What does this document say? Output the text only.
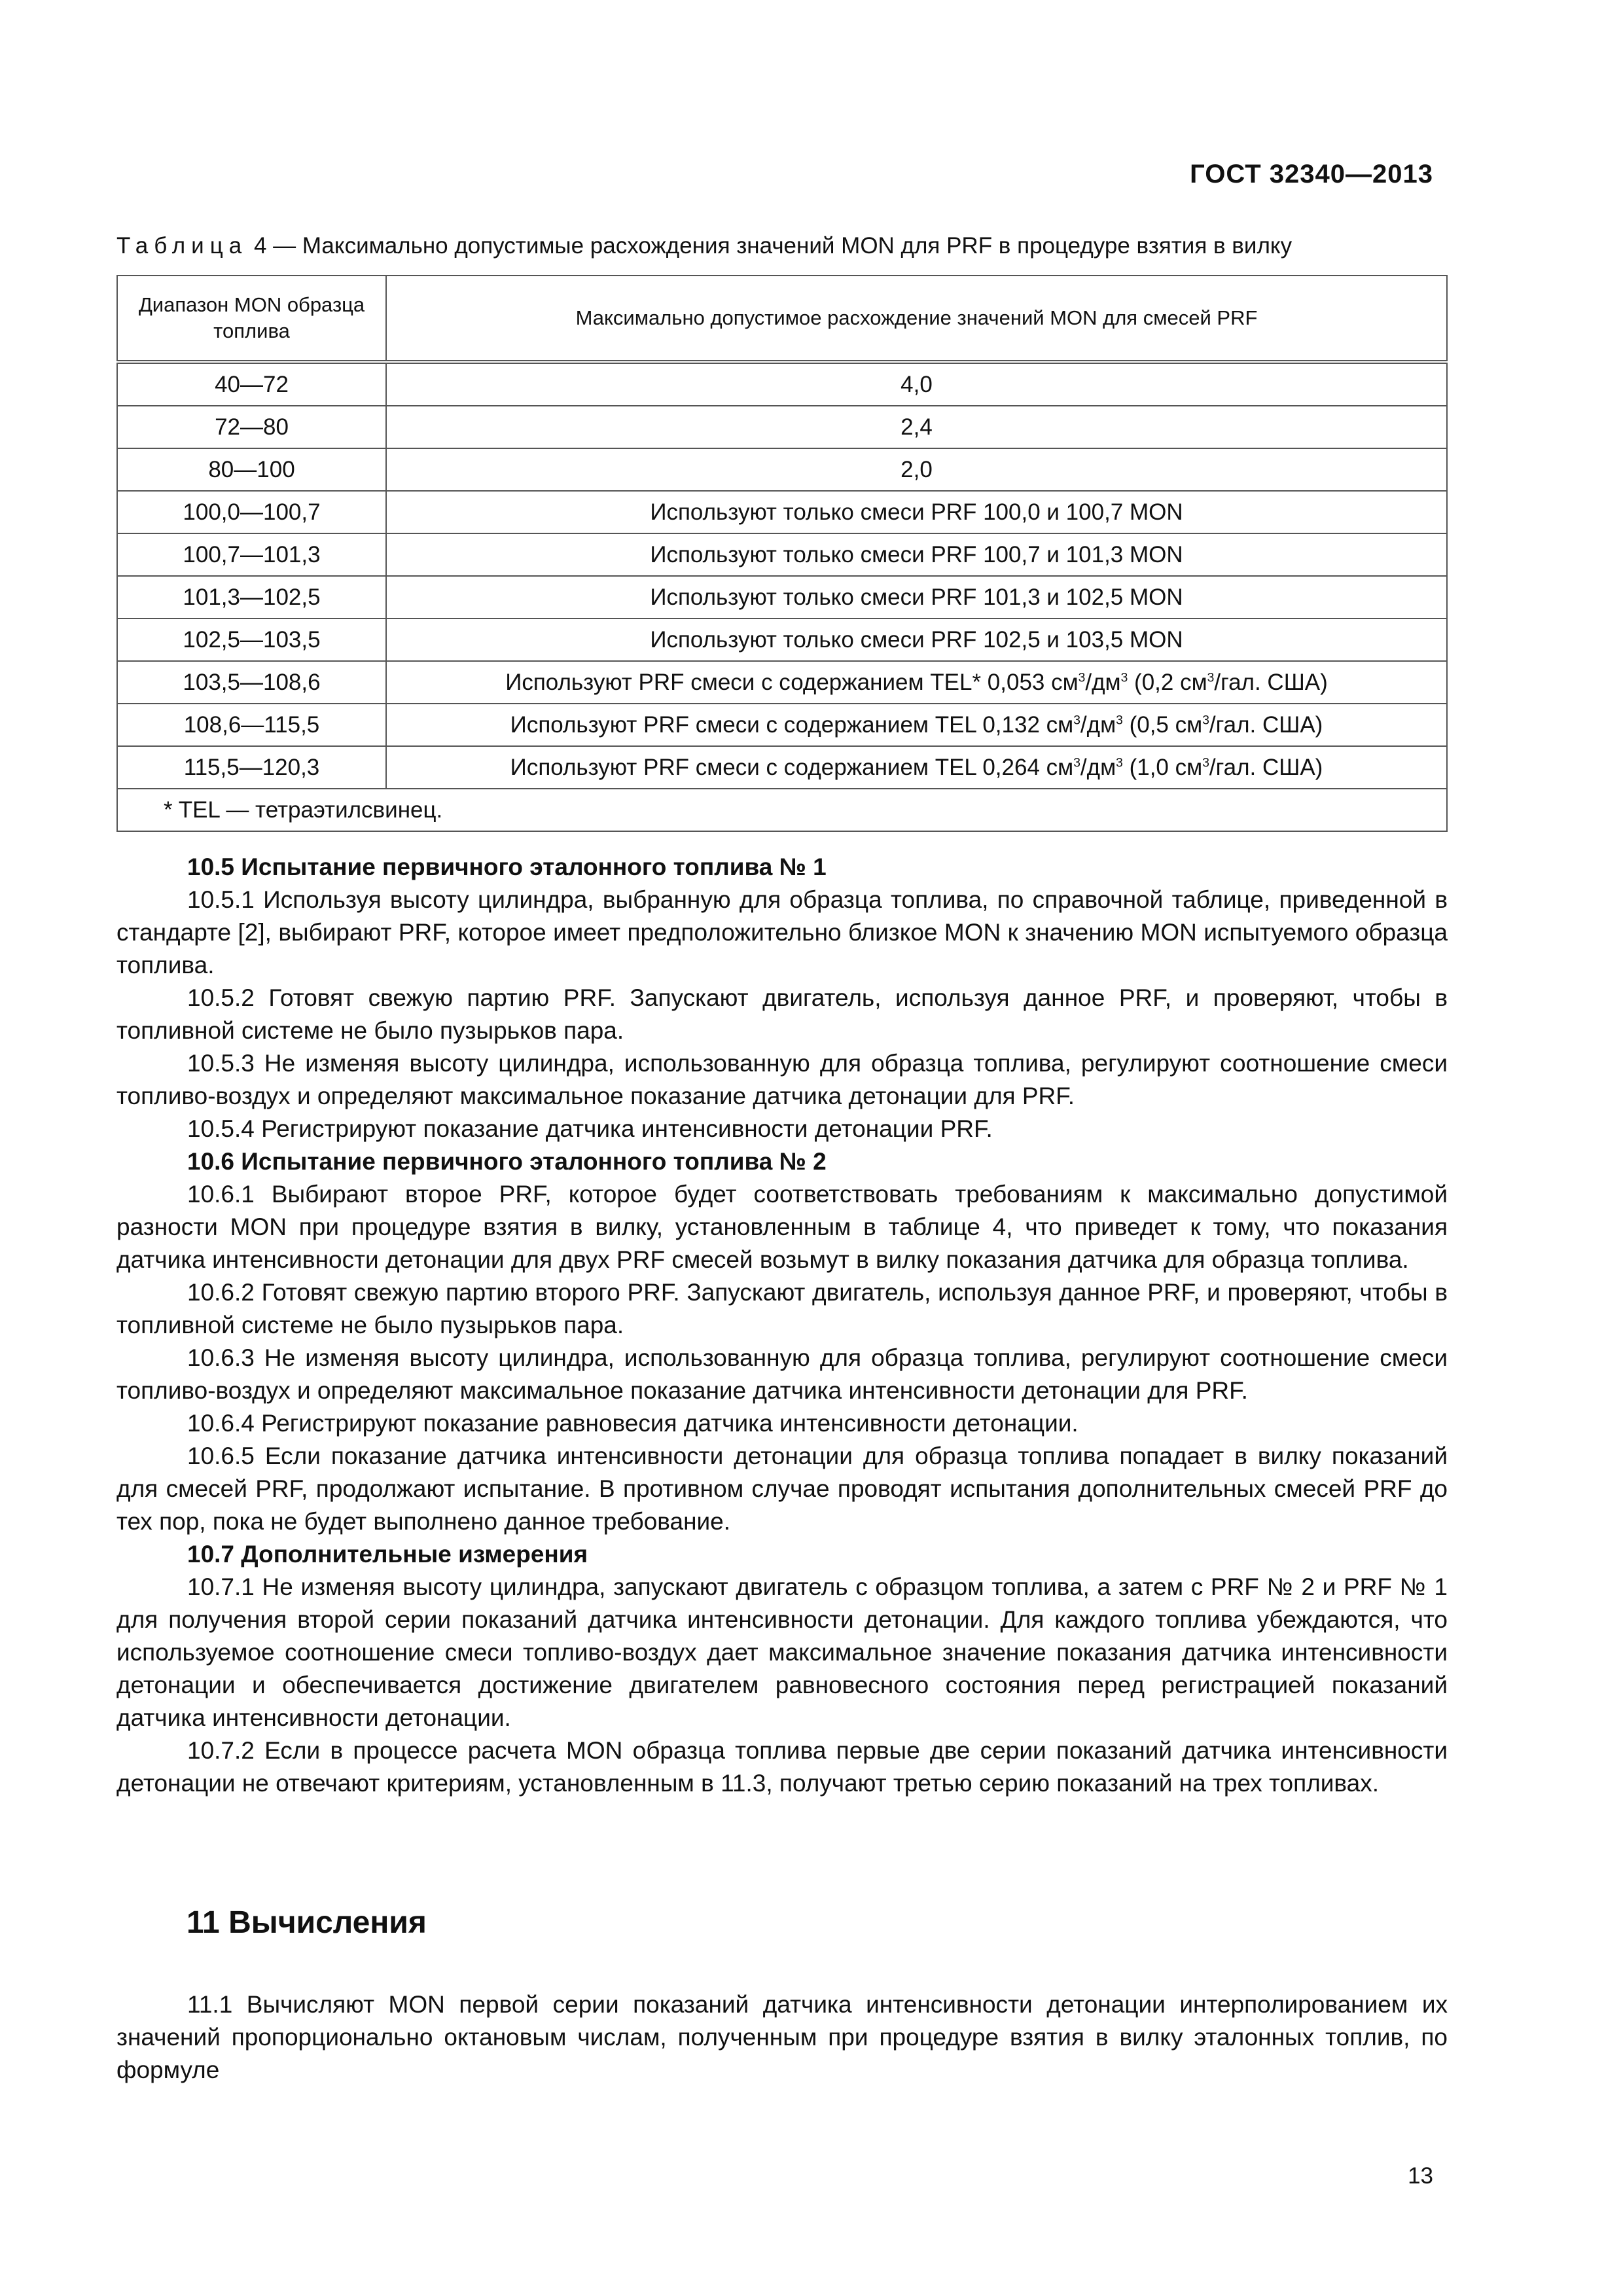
ГОСТ 32340—2013
Таблица 4 — Максимально допустимые расхождения значений MON для PRF в процедуре взятия в вилку
Диапазон MON образца топлива	Максимально допустимое расхождение значений MON для смесей PRF
40—72	4,0
72—80	2,4
80—100	2,0
100,0—100,7	Используют только смеси PRF 100,0 и 100,7 MON
100,7—101,3	Используют только смеси PRF 100,7 и 101,3 MON
101,3—102,5	Используют только смеси PRF 101,3 и 102,5 MON
102,5—103,5	Используют только смеси PRF 102,5 и 103,5 MON
103,5—108,6	Используют PRF смеси с содержанием TEL* 0,053 $см^3/дм^3$ (0,2 $см^3$/гал. США)
108,6—115,5	Используют PRF смеси с содержанием TEL 0,132 $см^3/дм^3$ (0,5 $см^3$/гал. США)
115,5—120,3	Используют PRF смеси с содержанием TEL 0,264 $см^3/дм^3$ (1,0 $см^3$/гал. США)
* TEL — тетраэтилсвинец.	

10.5 Испытание первичного эталонного топлива № 1

10.5.1 Используя высоту цилиндра, выбранную для образца топлива, по справочной таблице, приведенной в стандарте [2], выбирают PRF, которое имеет предположительно близкое MON к значению MON испытуемого образца топлива.

10.5.2 Готовят свежую партию PRF. Запускают двигатель, используя данное PRF, и проверяют, чтобы в топливной системе не было пузырьков пара.

10.5.3 Не изменяя высоту цилиндра, использованную для образца топлива, регулируют соотношение смеси топливо-воздух и определяют максимальное показание датчика детонации для PRF.

10.5.4 Регистрируют показание датчика интенсивности детонации PRF.

10.6 Испытание первичного эталонного топлива № 2

10.6.1 Выбирают второе PRF, которое будет соответствовать требованиям к максимально допустимой разности MON при процедуре взятия в вилку, установленным в таблице 4, что приведет к тому, что показания датчика интенсивности детонации для двух PRF смесей возьмут в вилку показания датчика для образца топлива.

10.6.2 Готовят свежую партию второго PRF. Запускают двигатель, используя данное PRF, и проверяют, чтобы в топливной системе не было пузырьков пара.

10.6.3 Не изменяя высоту цилиндра, использованную для образца топлива, регулируют соотношение смеси топливо-воздух и определяют максимальное показание датчика интенсивности детонации для PRF.

10.6.4 Регистрируют показание равновесия датчика интенсивности детонации.

10.6.5 Если показание датчика интенсивности детонации для образца топлива попадает в вилку показаний для смесей PRF, продолжают испытание. В противном случае проводят испытания дополнительных смесей PRF до тех пор, пока не будет выполнено данное требование.

10.7 Дополнительные измерения

10.7.1 Не изменяя высоту цилиндра, запускают двигатель с образцом топлива, а затем с PRF № 2 и PRF № 1 для получения второй серии показаний датчика интенсивности детонации. Для каждого топлива убеждаются, что используемое соотношение смеси топливо-воздух дает максимальное значение показания датчика интенсивности детонации и обеспечивается достижение двигателем равновесного состояния перед регистрацией показаний датчика интенсивности детонации.

10.7.2 Если в процессе расчета MON образца топлива первые две серии показаний датчика интенсивности детонации не отвечают критериям, установленным в 11.3, получают третью серию показаний на трех топливах.

11 Вычисления

11.1 Вычисляют MON первой серии показаний датчика интенсивности детонации интерполированием их значений пропорционально октановым числам, полученным при процедуре взятия в вилку эталонных топлив, по формуле

13
